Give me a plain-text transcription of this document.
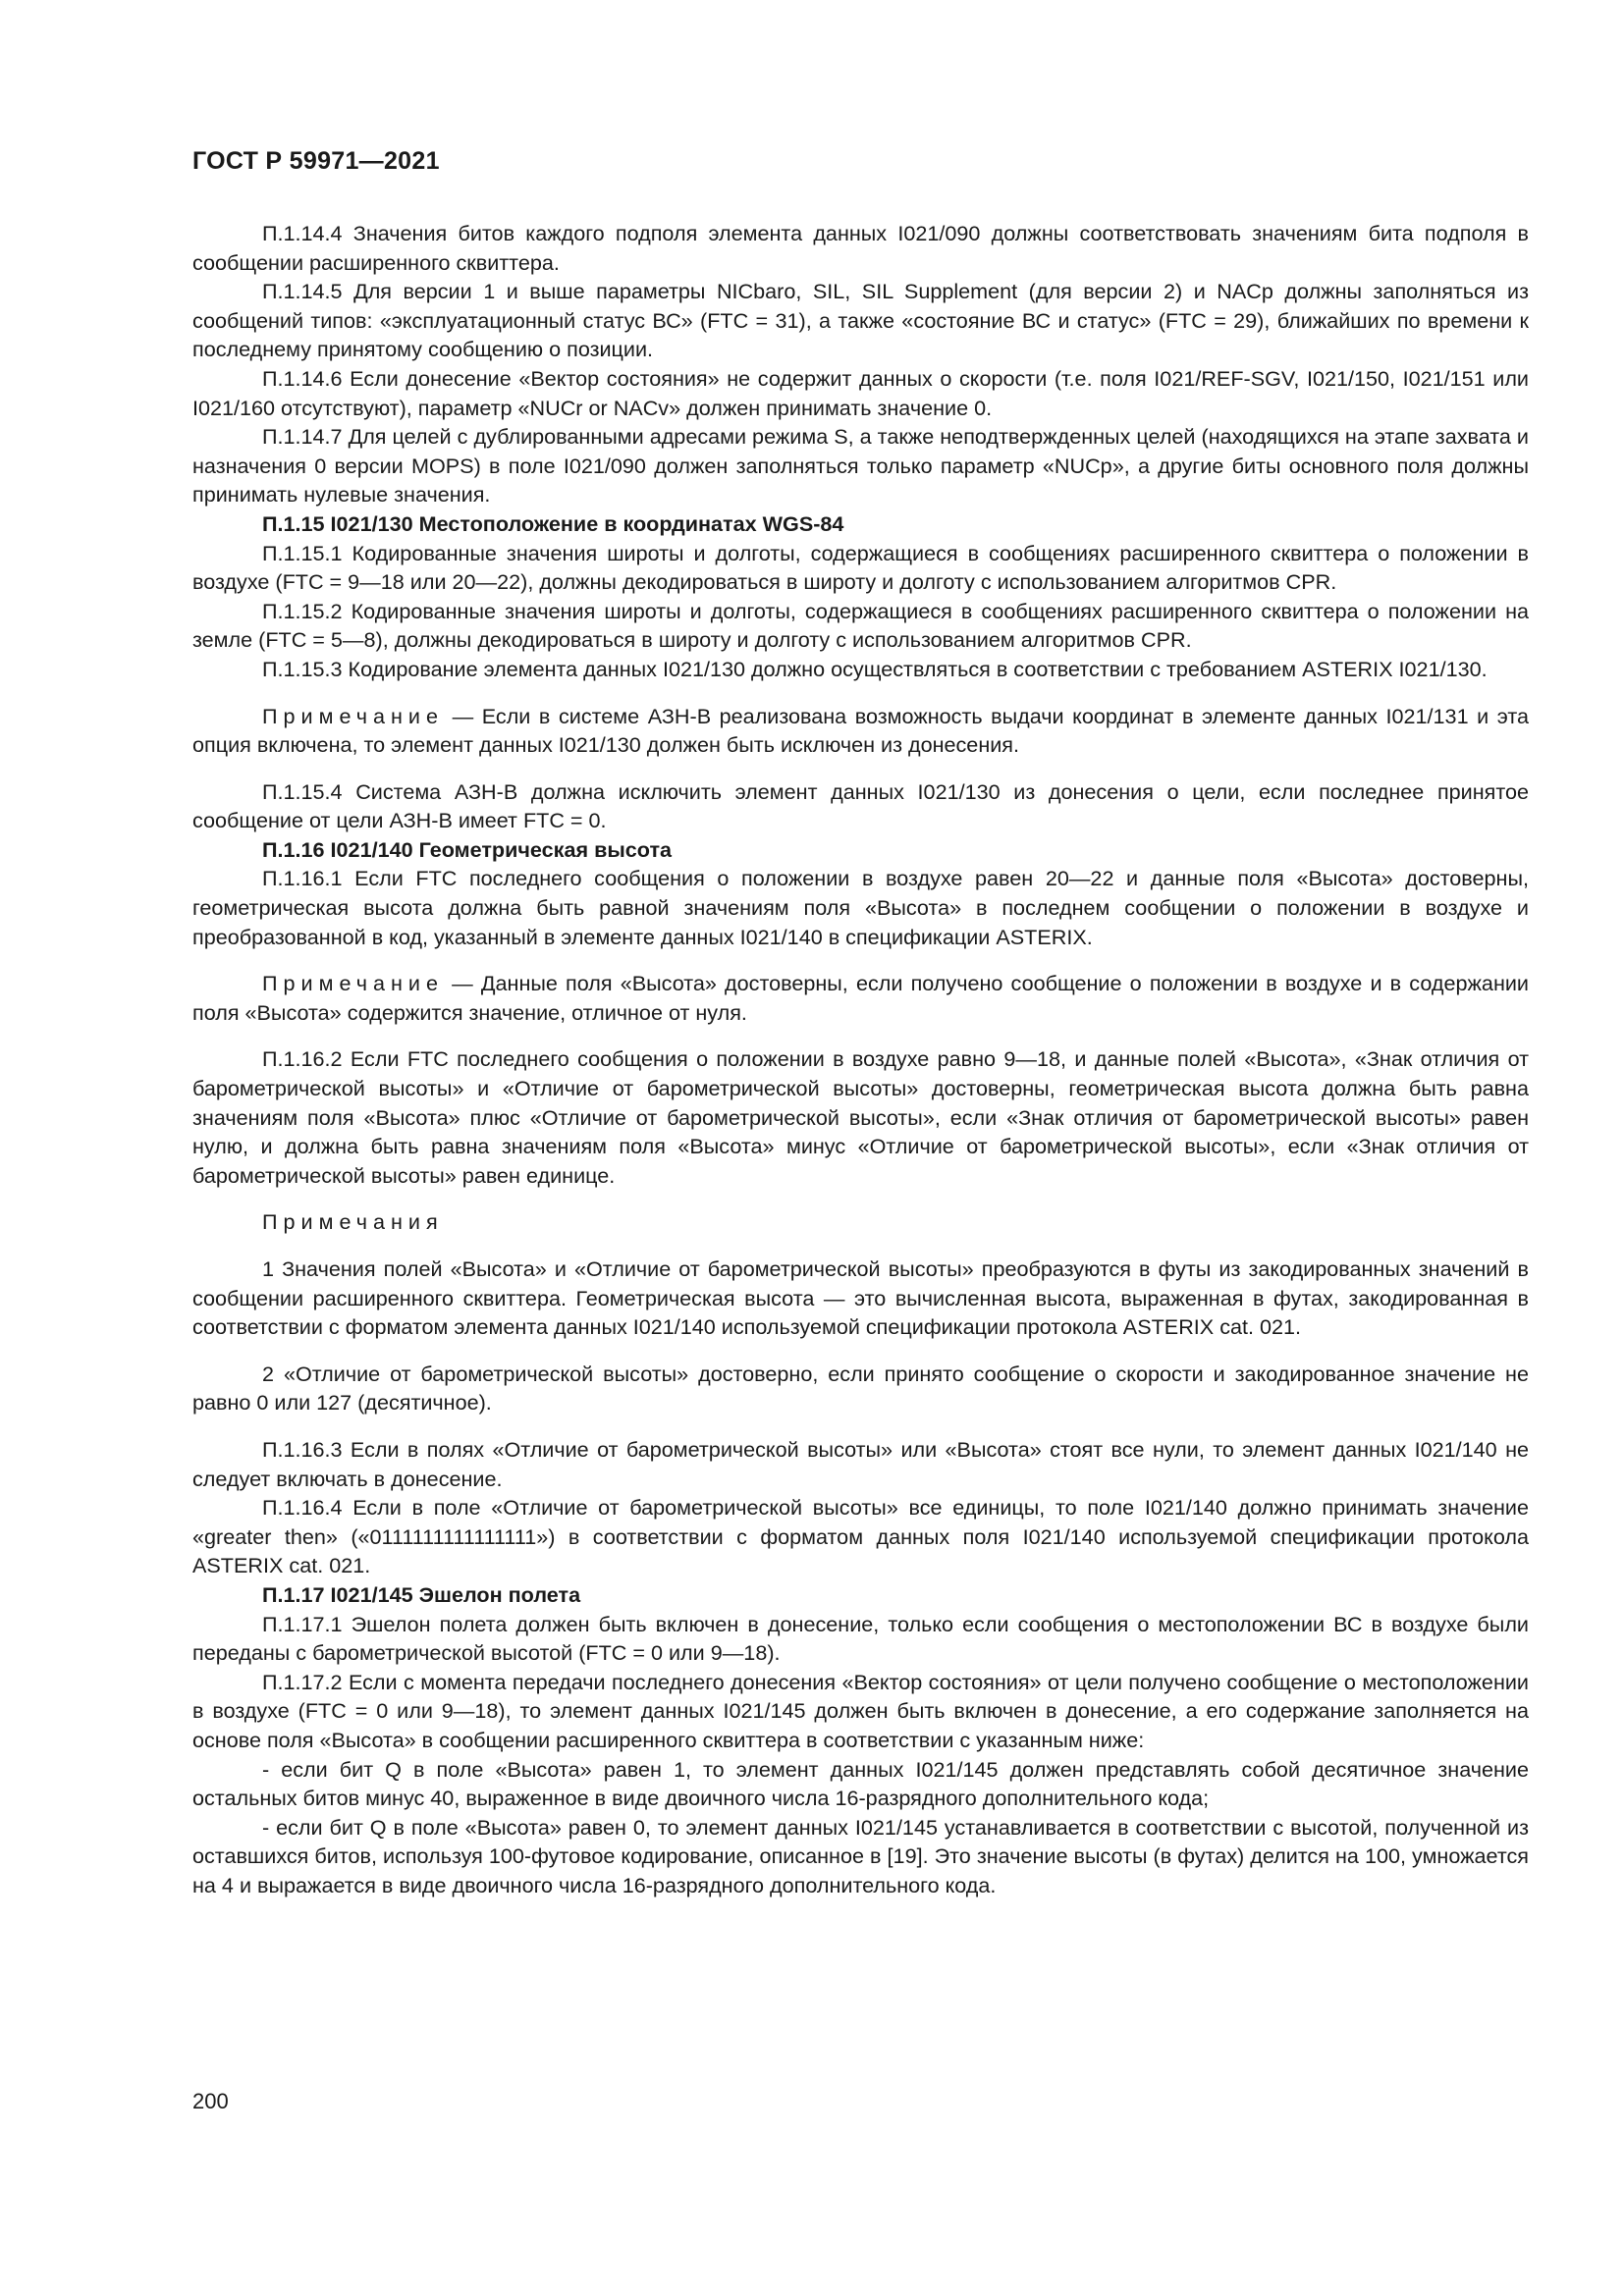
ГОСТ Р 59971—2021

П.1.14.4 Значения битов каждого подполя элемента данных I021/090 должны соответствовать значениям бита подполя в сообщении расширенного сквиттера.

П.1.14.5 Для версии 1 и выше параметры NICbaro, SIL, SIL Supplement (для версии 2) и NACp должны заполняться из сообщений типов: «эксплуатационный статус ВС» (FTC = 31), а также «состояние ВС и статус» (FTC = 29), ближайших по времени к последнему принятому сообщению о позиции.

П.1.14.6 Если донесение «Вектор состояния» не содержит данных о скорости (т.е. поля I021/REF-SGV, I021/150, I021/151 или I021/160 отсутствуют), параметр «NUCr or NACv» должен принимать значение 0.

П.1.14.7 Для целей с дублированными адресами режима S, а также неподтвержденных целей (находящихся на этапе захвата и назначения 0 версии MOPS) в поле I021/090 должен заполняться только параметр «NUCp», а другие биты основного поля должны принимать нулевые значения.

П.1.15 I021/130 Местоположение в координатах WGS-84

П.1.15.1 Кодированные значения широты и долготы, содержащиеся в сообщениях расширенного сквиттера о положении в воздухе (FTC = 9—18 или 20—22), должны декодироваться в широту и долготу с использованием алгоритмов CPR.

П.1.15.2 Кодированные значения широты и долготы, содержащиеся в сообщениях расширенного сквиттера о положении на земле (FTC = 5—8), должны декодироваться в широту и долготу с использованием алгоритмов CPR.

П.1.15.3 Кодирование элемента данных I021/130 должно осуществляться в соответствии с требованием ASTERIX I021/130.

Примечание — Если в системе АЗН-В реализована возможность выдачи координат в элементе данных I021/131 и эта опция включена, то элемент данных I021/130 должен быть исключен из донесения.

П.1.15.4 Система АЗН-В должна исключить элемент данных I021/130 из донесения о цели, если последнее принятое сообщение от цели АЗН-В имеет FTC = 0.

П.1.16 I021/140 Геометрическая высота

П.1.16.1 Если FTC последнего сообщения о положении в воздухе равен 20—22 и данные поля «Высота» достоверны, геометрическая высота должна быть равной значениям поля «Высота» в последнем сообщении о положении в воздухе и преобразованной в код, указанный в элементе данных I021/140 в спецификации ASTERIX.

Примечание — Данные поля «Высота» достоверны, если получено сообщение о положении в воздухе и в содержании поля «Высота» содержится значение, отличное от нуля.

П.1.16.2 Если FTC последнего сообщения о положении в воздухе равно 9—18, и данные полей «Высота», «Знак отличия от барометрической высоты» и «Отличие от барометрической высоты» достоверны, геометрическая высота должна быть равна значениям поля «Высота» плюс «Отличие от барометрической высоты», если «Знак отличия от барометрической высоты» равен нулю, и должна быть равна значениям поля «Высота» минус «Отличие от барометрической высоты», если «Знак отличия от барометрической высоты» равен единице.

Примечания

1 Значения полей «Высота» и «Отличие от барометрической высоты» преобразуются в футы из закодированных значений в сообщении расширенного сквиттера. Геометрическая высота — это вычисленная высота, выраженная в футах, закодированная в соответствии с форматом элемента данных I021/140 используемой спецификации протокола ASTERIX cat. 021.

2 «Отличие от барометрической высоты» достоверно, если принято сообщение о скорости и закодированное значение не равно 0 или 127 (десятичное).

П.1.16.3 Если в полях «Отличие от барометрической высоты» или «Высота» стоят все нули, то элемент данных I021/140 не следует включать в донесение.

П.1.16.4 Если в поле «Отличие от барометрической высоты» все единицы, то поле I021/140 должно принимать значение «greater then» («0111111111111111») в соответствии с форматом данных поля I021/140 используемой спецификации протокола ASTERIX cat. 021.

П.1.17 I021/145 Эшелон полета

П.1.17.1 Эшелон полета должен быть включен в донесение, только если сообщения о местоположении ВС в воздухе были переданы с барометрической высотой (FTC = 0 или 9—18).

П.1.17.2 Если с момента передачи последнего донесения «Вектор состояния» от цели получено сообщение о местоположении в воздухе (FTC = 0 или 9—18), то элемент данных I021/145 должен быть включен в донесение, а его содержание заполняется на основе поля «Высота» в сообщении расширенного сквиттера в соответствии с указанным ниже:

- если бит Q в поле «Высота» равен 1, то элемент данных I021/145 должен представлять собой десятичное значение остальных битов минус 40, выраженное в виде двоичного числа 16-разрядного дополнительного кода;

- если бит Q в поле «Высота» равен 0, то элемент данных I021/145 устанавливается в соответствии с высотой, полученной из оставшихся битов, используя 100-футовое кодирование, описанное в [19]. Это значение высоты (в футах) делится на 100, умножается на 4 и выражается в виде двоичного числа 16-разрядного дополнительного кода.

200
